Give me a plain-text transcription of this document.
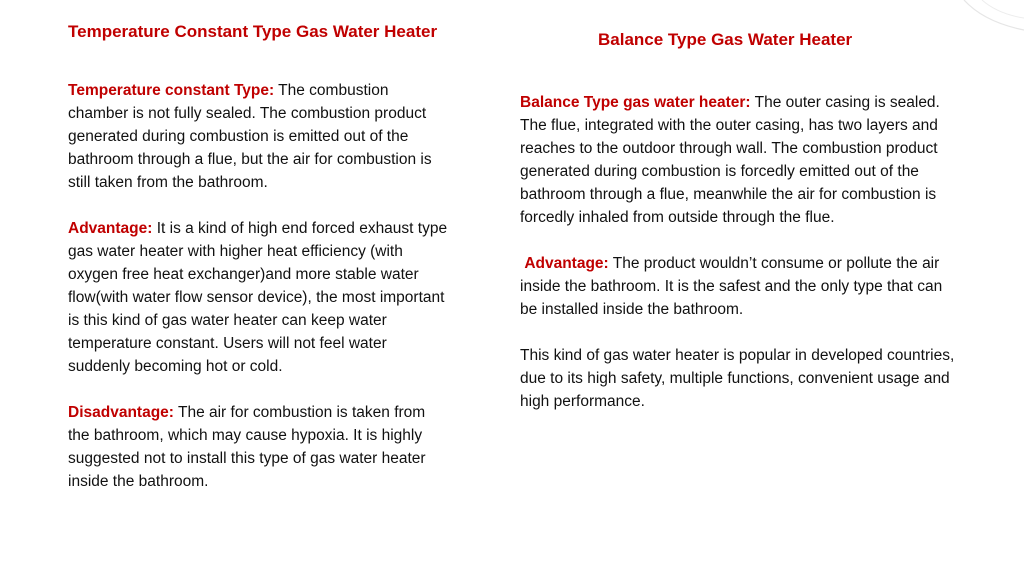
Temperature Constant Type Gas Water Heater	Balance Type Gas Water Heater

Temperature constant Type: The combustion chamber is not fully sealed. The combustion product generated during combustion is emitted out of the bathroom through a flue, but the air for combustion is still taken from the bathroom.

Advantage: It is a kind of high end forced exhaust type gas water heater with higher heat efficiency (with oxygen free heat exchanger)and more stable water flow(with water flow sensor device), the most important is this kind of gas water heater can keep water temperature constant. Users will not feel water suddenly becoming hot or cold.

Disadvantage: The air for combustion is taken from the bathroom, which may cause hypoxia. It is highly suggested not to install this type of gas water heater inside the bathroom.

Balance Type gas water heater: The outer casing is sealed. The flue, integrated with the outer casing, has two layers and reaches to the outdoor through wall. The combustion product generated during combustion is forcedly emitted out of the bathroom through a flue, meanwhile the air for combustion is forcedly inhaled from outside through the flue.

Advantage: The product wouldn’t consume or pollute the air inside the bathroom. It is the safest and the only type that can be installed inside the bathroom.

This kind of gas water heater is popular in developed countries, due to its high safety, multiple functions, convenient usage and high performance.
